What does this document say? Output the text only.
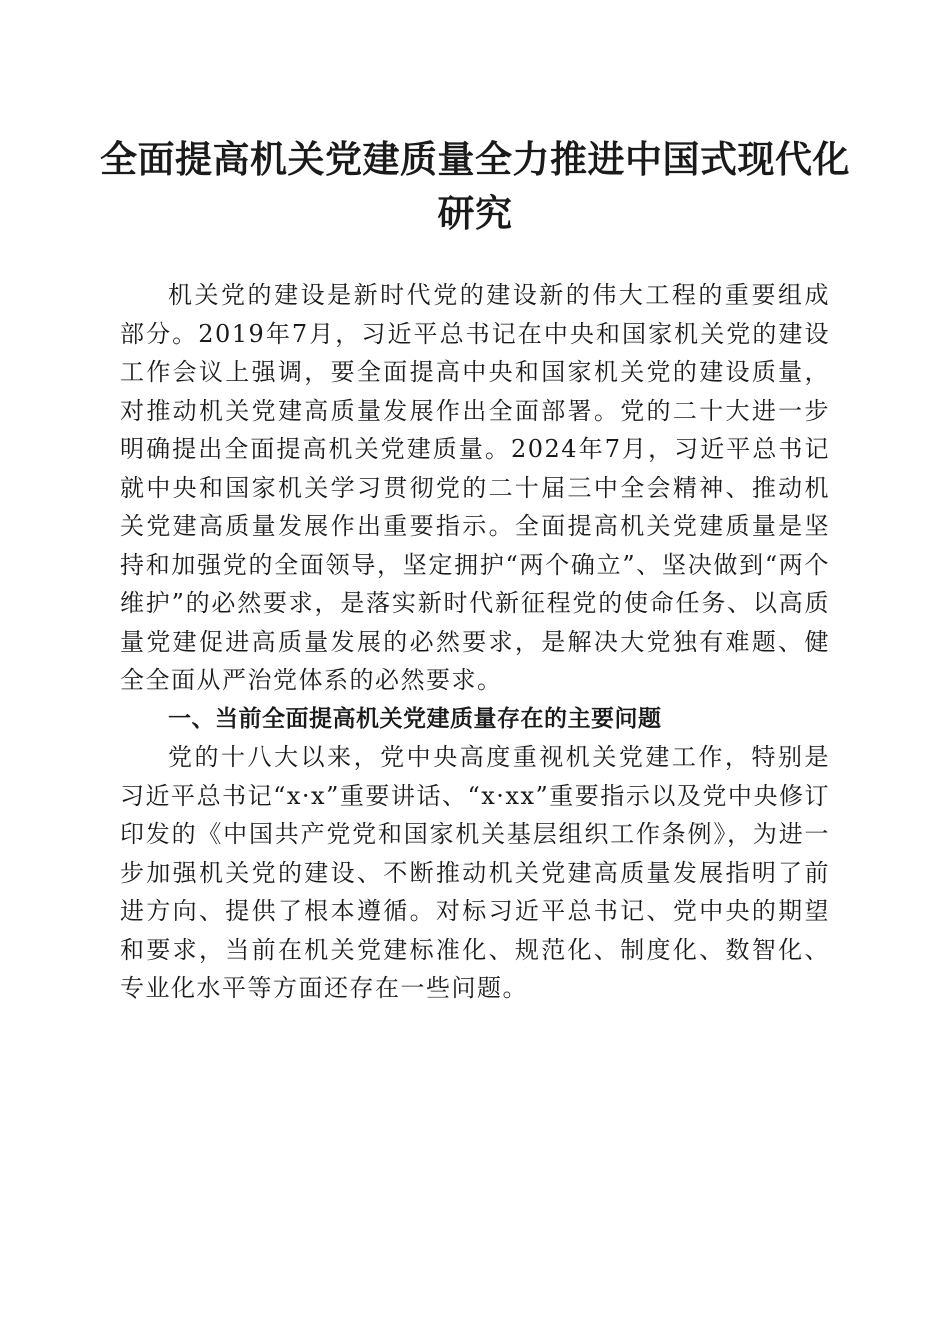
全面提高机关党建质量全力推进中国式现代化研究

机关党的建设是新时代党的建设新的伟大工程的重要组成部分。2019年7月，习近平总书记在中央和国家机关党的建设工作会议上强调，要全面提高中央和国家机关党的建设质量，对推动机关党建高质量发展作出全面部署。党的二十大进一步明确提出全面提高机关党建质量。2024年7月，习近平总书记就中央和国家机关学习贯彻党的二十届三中全会精神、推动机关党建高质量发展作出重要指示。全面提高机关党建质量是坚持和加强党的全面领导，坚定拥护“两个确立”、坚决做到“两个维护”的必然要求，是落实新时代新征程党的使命任务、以高质量党建促进高质量发展的必然要求，是解决大党独有难题、健全全面从严治党体系的必然要求。

一、当前全面提高机关党建质量存在的主要问题

党的十八大以来，党中央高度重视机关党建工作，特别是习近平总书记“x·x”重要讲话、“x·xx”重要指示以及党中央修订印发的《中国共产党党和国家机关基层组织工作条例》，为进一步加强机关党的建设、不断推动机关党建高质量发展指明了前进方向、提供了根本遵循。对标习近平总书记、党中央的期望和要求，当前在机关党建标准化、规范化、制度化、数智化、专业化水平等方面还存在一些问题。
